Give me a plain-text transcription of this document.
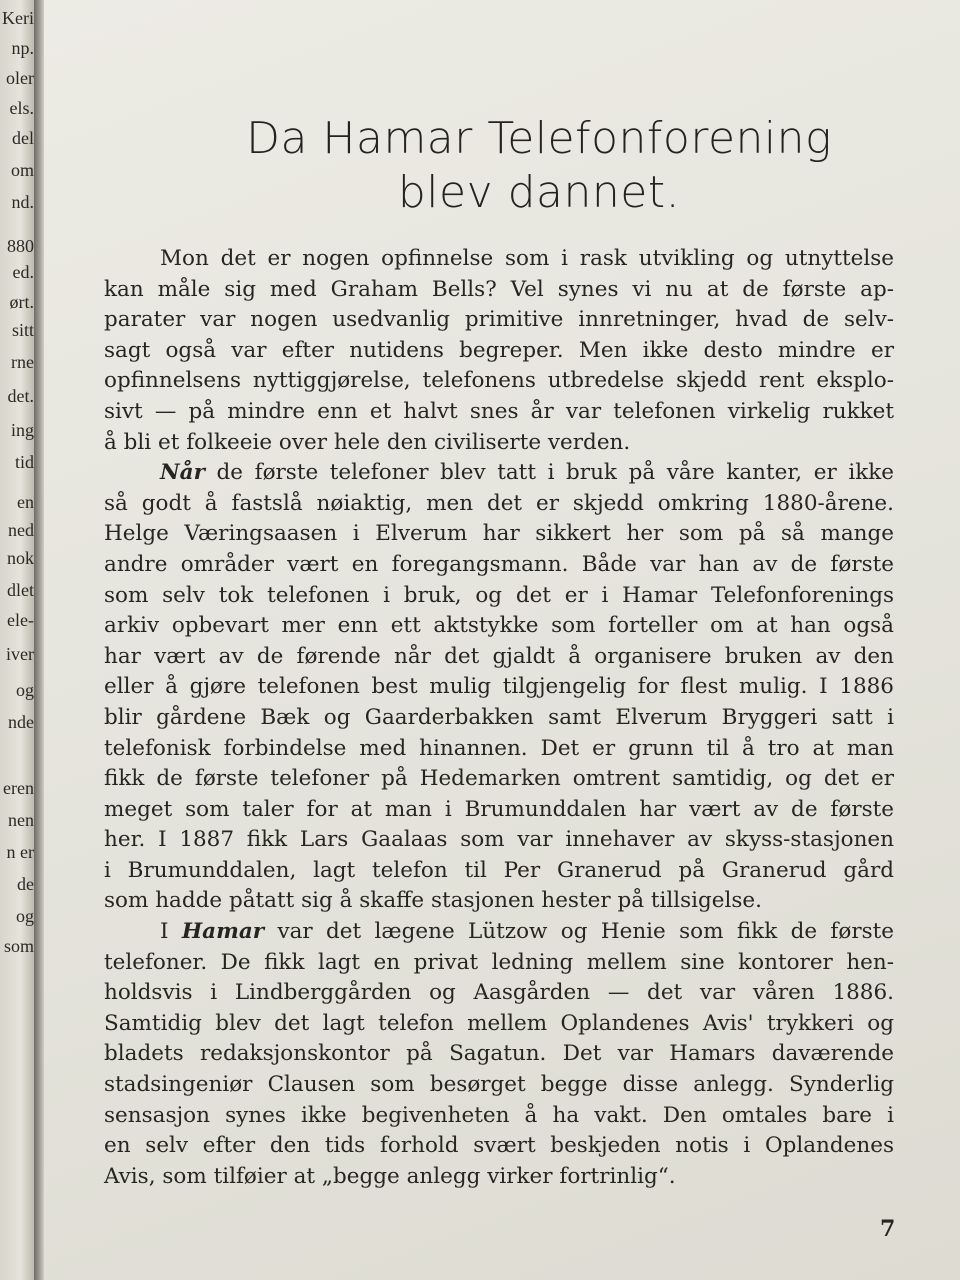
Keri
np.
oler
els.
del
om
nd.
880
ed.
ørt.
sitt
rne
det.
ing
tid
en
ned
nok
dlet
ele-
iver
og
nde
eren
nen
n er
de
og
som
Da Hamar Telefonforening
blev dannet.
Mon det er nogen opfinnelse som i rask utvikling og utnyttelse
kan måle sig med Graham Bells? Vel synes vi nu at de første ap-
parater var nogen usedvanlig primitive innretninger, hvad de selv-
sagt også var efter nutidens begreper. Men ikke desto mindre er
opfinnelsens nyttiggjørelse, telefonens utbredelse skjedd rent eksplo-
sivt — på mindre enn et halvt snes år var telefonen virkelig rukket
å bli et folkeeie over hele den civiliserte verden.
Når de første telefoner blev tatt i bruk på våre kanter, er ikke
så godt å fastslå nøiaktig, men det er skjedd omkring 1880-årene.
Helge Væringsaasen i Elverum har sikkert her som på så mange
andre områder vært en foregangsmann. Både var han av de første
som selv tok telefonen i bruk, og det er i Hamar Telefonforenings
arkiv opbevart mer enn ett aktstykke som forteller om at han også
har vært av de førende når det gjaldt å organisere bruken av den
eller å gjøre telefonen best mulig tilgjengelig for flest mulig. I 1886
blir gårdene Bæk og Gaarderbakken samt Elverum Bryggeri satt i
telefonisk forbindelse med hinannen. Det er grunn til å tro at man
fikk de første telefoner på Hedemarken omtrent samtidig, og det er
meget som taler for at man i Brumunddalen har vært av de første
her. I 1887 fikk Lars Gaalaas som var innehaver av skyss-stasjonen
i Brumunddalen, lagt telefon til Per Granerud på Granerud gård
som hadde påtatt sig å skaffe stasjonen hester på tillsigelse.
I Hamar var det lægene Lützow og Henie som fikk de første
telefoner. De fikk lagt en privat ledning mellem sine kontorer hen-
holdsvis i Lindberggården og Aasgården — det var våren 1886.
Samtidig blev det lagt telefon mellem Oplandenes Avis' trykkeri og
bladets redaksjonskontor på Sagatun. Det var Hamars daværende
stadsingeniør Clausen som besørget begge disse anlegg. Synderlig
sensasjon synes ikke begivenheten å ha vakt. Den omtales bare i
en selv efter den tids forhold svært beskjeden notis i Oplandenes
Avis, som tilføier at „begge anlegg virker fortrinlig“.
7
